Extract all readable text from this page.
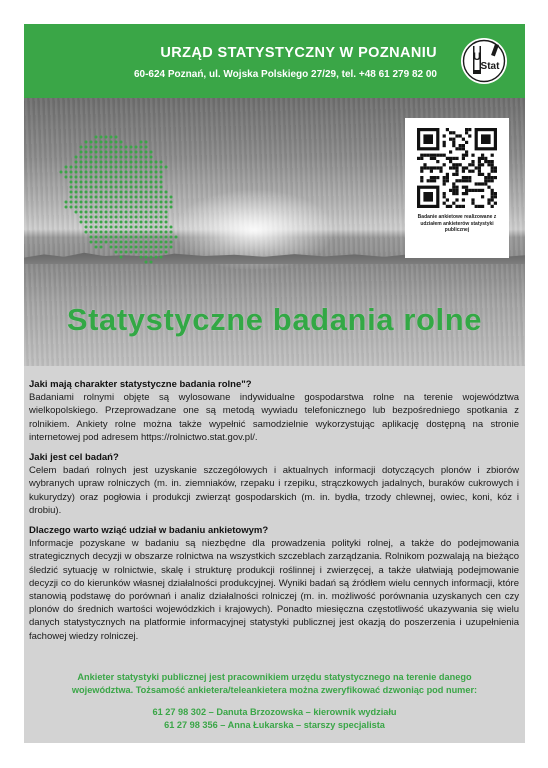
URZĄD STATYSTYCZNY W POZNANIU
60-624 Poznań, ul. Wojska Polskiego 27/29, tel. +48 61 279 82 00
U
Stat
Badanie ankietowe realizowane z udziałem ankieterów statystyki publicznej
Statystyczne badania rolne
Jaki mają charakter statystyczne badania rolne"?

Badaniami rolnymi objęte są wylosowane indywidualne gospodarstwa rolne na terenie województwa wielkopolskiego. Przeprowadzane one są metodą wywiadu telefonicznego lub bezpośredniego spotkania z rolnikiem. Ankiety rolne można także wypełnić samodzielnie wykorzystując aplikację dostępną na stronie internetowej pod adresem https://rolnictwo.stat.gov.pl/.

Jaki jest cel badań?

Celem badań rolnych jest uzyskanie szczegółowych i aktualnych informacji dotyczących plonów i zbiorów wybranych upraw rolniczych (m. in. ziemniaków, rzepaku i rzepiku, strączkowych jadalnych, buraków cukrowych i kukurydzy) oraz pogłowia i produkcji zwierząt gospodarskich (m. in. bydła, trzody chlewnej, owiec, koni, kóz i drobiu).

Dlaczego warto wziąć udział w badaniu ankietowym?

Informacje pozyskane w badaniu są niezbędne dla prowadzenia polityki rolnej, a także do podejmowania strategicznych decyzji w obszarze rolnictwa na wszystkich szczeblach zarządzania. Rolnikom pozwalają na bieżąco śledzić sytuację w rolnictwie, skalę i strukturę produkcji roślinnej i zwierzęcej, a także ułatwiają podejmowanie decyzji co do kierunków własnej działalności produkcyjnej. Wyniki badań są źródłem wielu cennych informacji, które stanowią podstawę do porównań i analiz działalności rolniczej (m. in. możliwość porównania uzyskanych cen czy plonów do średnich wartości wojewódzkich i krajowych). Ponadto miesięczna częstotliwość ukazywania się wielu danych statystycznych na platformie informacyjnej statystyki publicznej jest okazją do poszerzenia i uzupełnienia fachowej wiedzy rolniczej.

Ankieter statystyki publicznej jest pracownikiem urzędu statystycznego na terenie danego
województwa. Tożsamość ankietera/teleankietera można zweryfikować dzwoniąc pod numer:
61 27 98 302 – Danuta Brzozowska – kierownik wydziału
61 27 98 356 – Anna Łukarska – starszy specjalista
